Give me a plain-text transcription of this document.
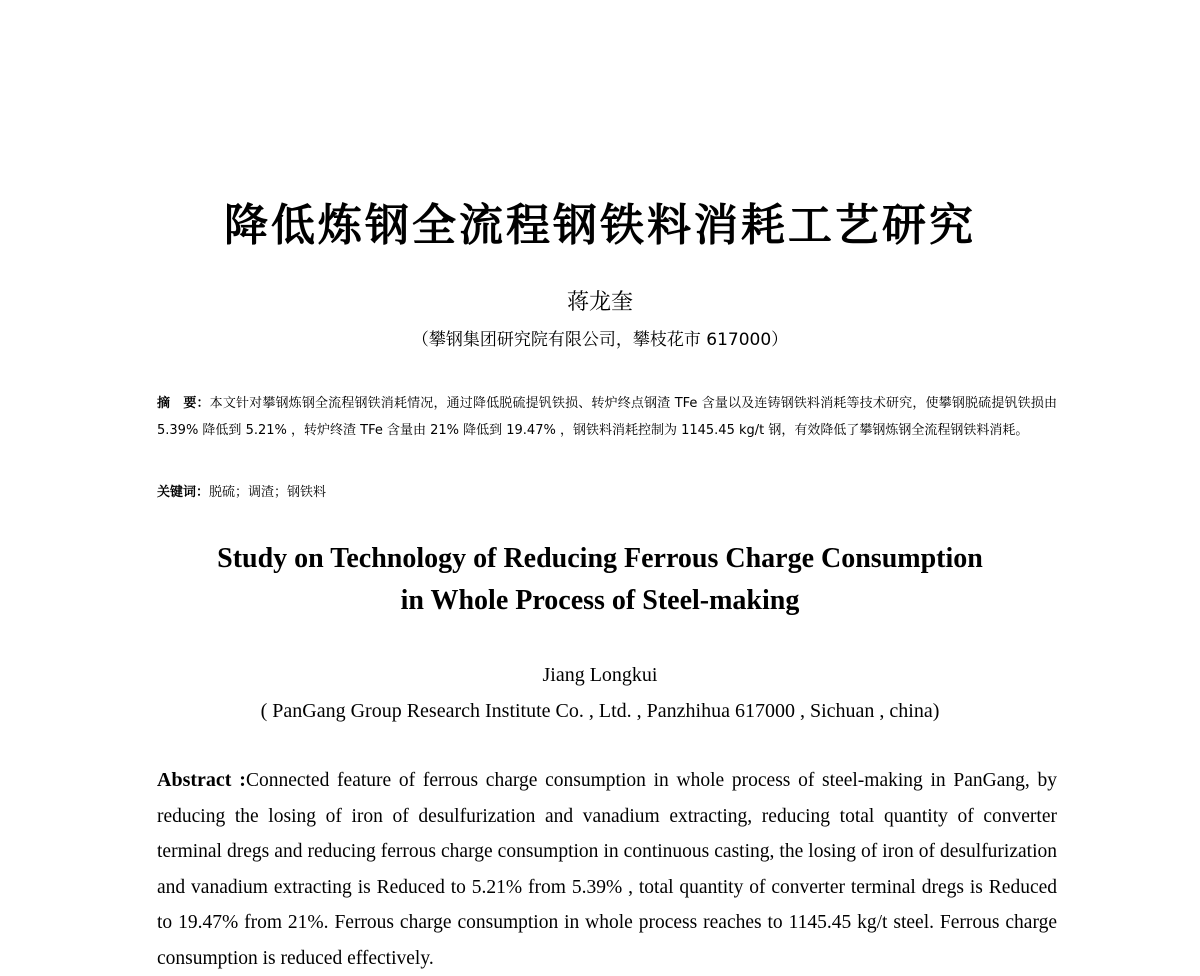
降低炼钢全流程钢铁料消耗工艺研究
蒋龙奎
（攀钢集团研究院有限公司，攀枝花市 617000）
摘　要：本文针对攀钢炼钢全流程钢铁消耗情况，通过降低脱硫提钒铁损、转炉终点钢渣 TFe 含量以及连铸钢铁料消耗等技术研究，使攀钢脱硫提钒铁损由 5.39% 降低到 5.21% ，转炉终渣 TFe 含量由 21% 降低到 19.47% ，钢铁料消耗控制为 1145.45 kg/t 钢，有效降低了攀钢炼钢全流程钢铁料消耗。
关键词：脱硫；调渣；钢铁料
Study on Technology of Reducing Ferrous Charge Consumption
in Whole Process of Steel-making
Jiang Longkui
( PanGang Group Research Institute Co. , Ltd. , Panzhihua 617000 , Sichuan , china)
Abstract :Connected feature of ferrous charge consumption in whole process of steel-making in PanGang, by reducing the losing of iron of desulfurization and vanadium extracting, reducing total quantity of converter terminal dregs and reducing ferrous charge consumption in continuous casting, the losing of iron of desulfurization and vanadium extracting is Reduced to 5.21% from 5.39% , total quantity of converter terminal dregs is Reduced to 19.47% from 21%. Ferrous charge consumption in whole process reaches to 1145.45 kg/t steel. Ferrous charge consumption is reduced effectively.
